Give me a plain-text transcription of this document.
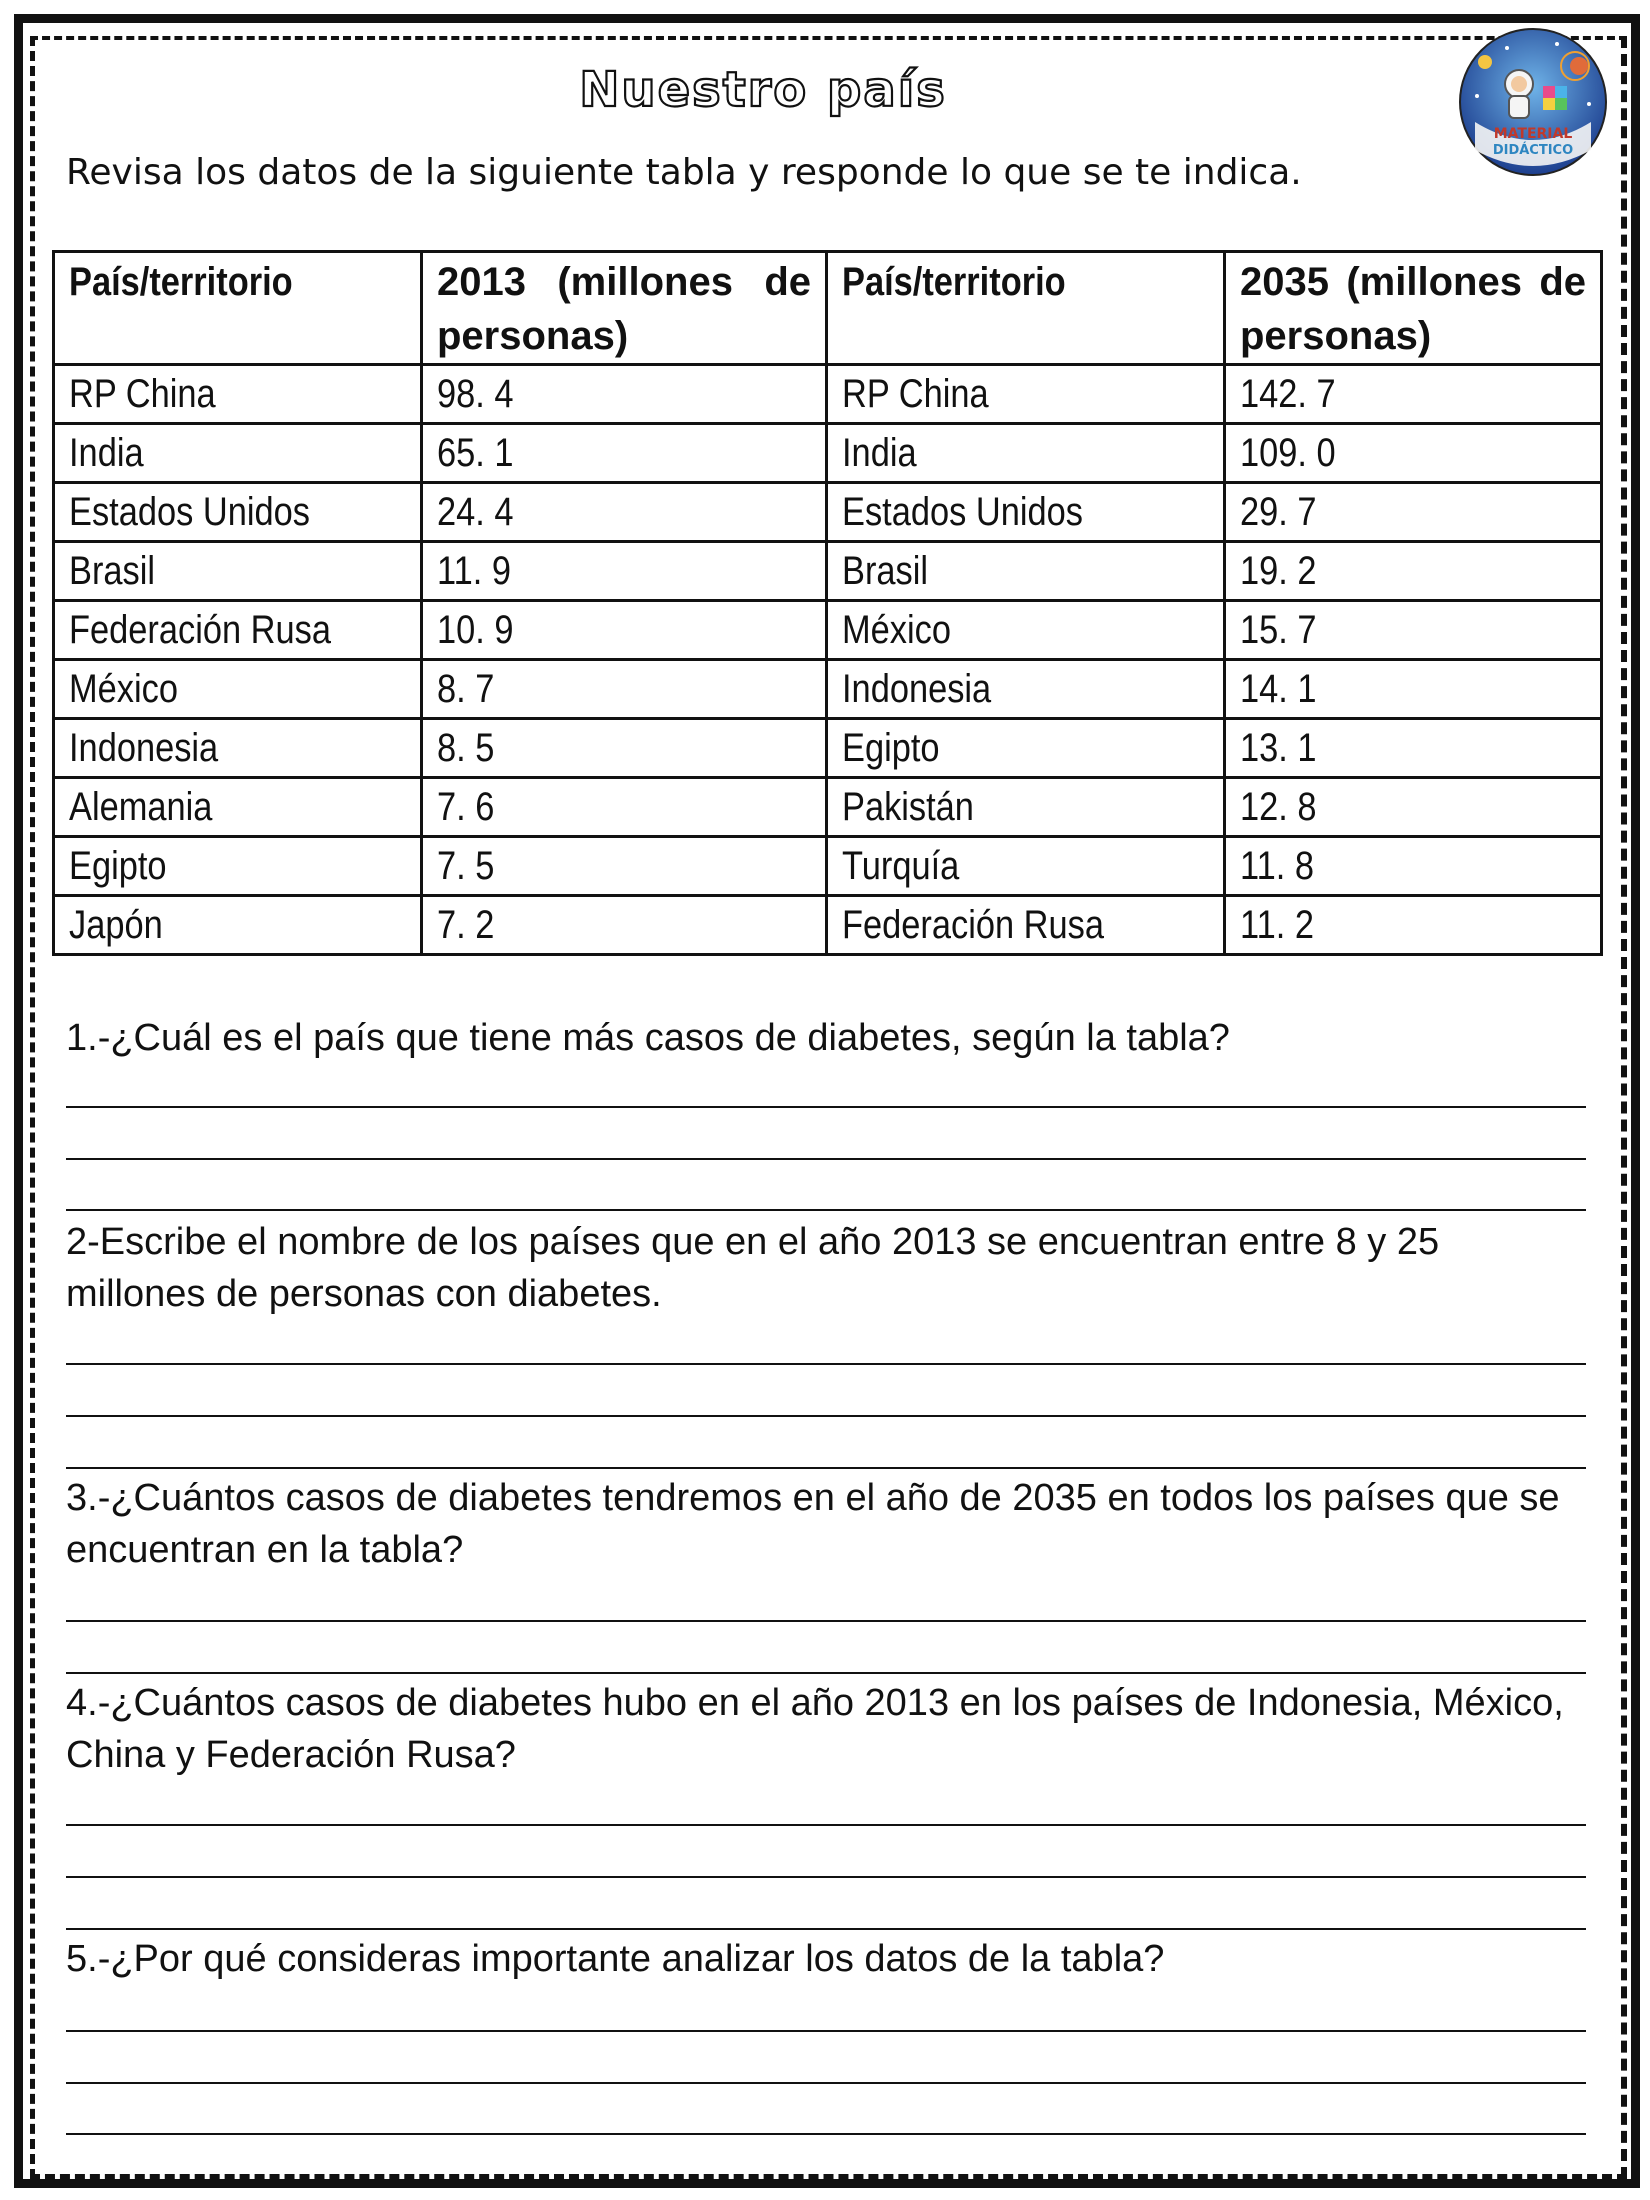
Nuestro país
MATERIAL
DIDÁCTICO
Revisa los datos de la siguiente tabla y responde lo que se te indica.
País/territorio	2013 (millones de personas)	País/territorio	2035 (millones de personas)

RP China	98. 4	RP China	142. 7
India	65. 1	India	109. 0
Estados Unidos	24. 4	Estados Unidos	29. 7
Brasil	11. 9	Brasil	19. 2
Federación Rusa	10. 9	México	15. 7
México	8. 7	Indonesia	14. 1
Indonesia	8. 5	Egipto	13. 1
Alemania	7. 6	Pakistán	12. 8
Egipto	7. 5	Turquía	11. 8
Japón	7. 2	Federación Rusa	11. 2
1.-¿Cuál es el país que tiene más casos de diabetes, según la tabla?
2-Escribe el nombre de los países que en el año 2013 se encuentran entre 8 y 25 millones de personas con diabetes.
3.-¿Cuántos casos de diabetes tendremos en el año de 2035 en todos los países que se encuentran en la tabla?
4.-¿Cuántos casos de diabetes hubo en el año 2013 en los países de Indonesia, México, China y Federación Rusa?
5.-¿Por qué consideras importante analizar los datos de la tabla?
